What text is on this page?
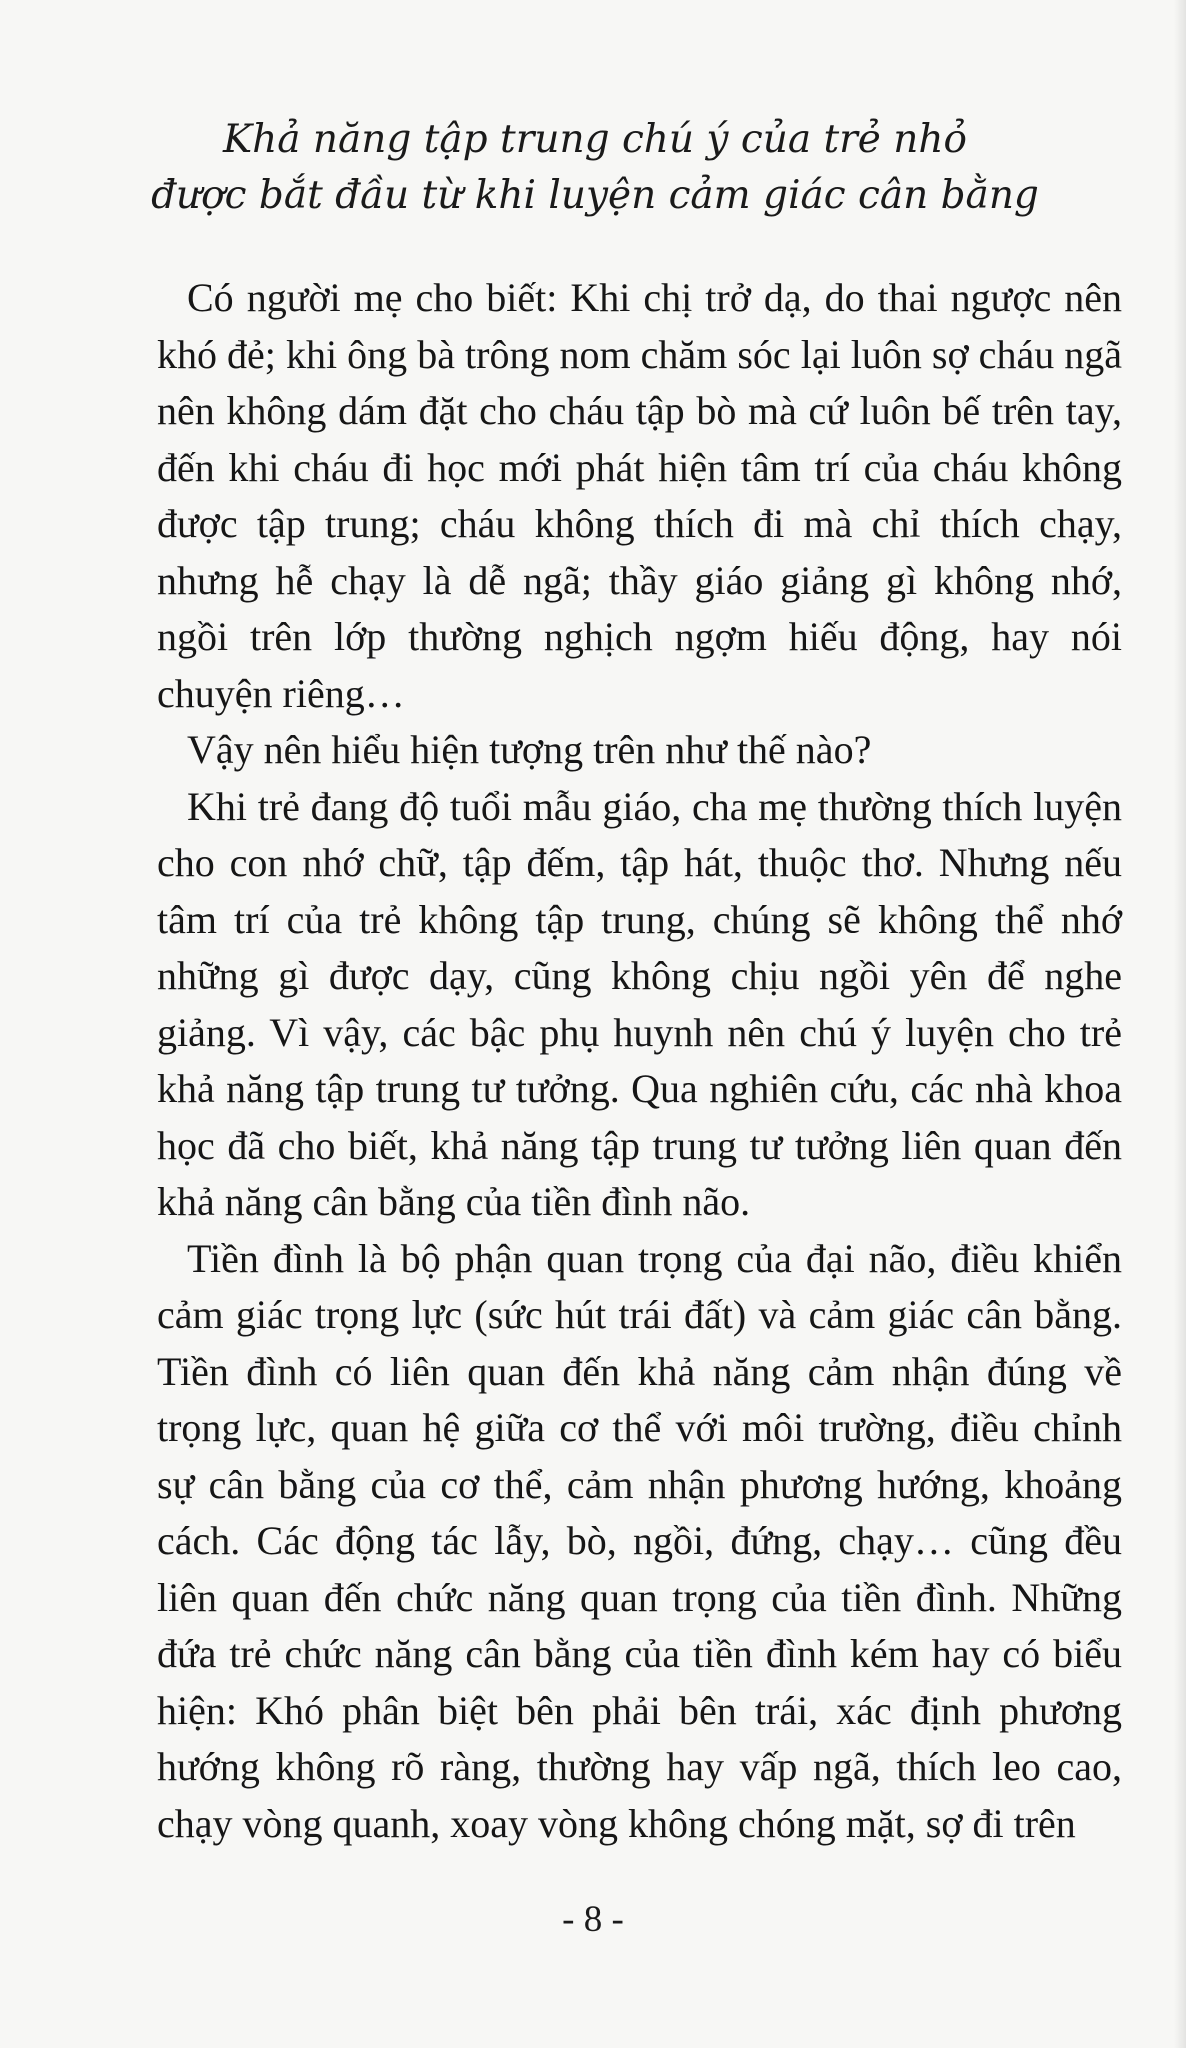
Khả năng tập trung chú ý của trẻ nhỏ
được bắt đầu từ khi luyện cảm giác cân bằng

Có người mẹ cho biết: Khi chị trở dạ, do thai ngược nên khó đẻ; khi ông bà trông nom chăm sóc lại luôn sợ cháu ngã nên không dám đặt cho cháu tập bò mà cứ luôn bế trên tay, đến khi cháu đi học mới phát hiện tâm trí của cháu không được tập trung; cháu không thích đi mà chỉ thích chạy, nhưng hễ chạy là dễ ngã; thầy giáo giảng gì không nhớ, ngồi trên lớp thường nghịch ngợm hiếu động, hay nói chuyện riêng…

Vậy nên hiểu hiện tượng trên như thế nào?

Khi trẻ đang độ tuổi mẫu giáo, cha mẹ thường thích luyện cho con nhớ chữ, tập đếm, tập hát, thuộc thơ. Nhưng nếu tâm trí của trẻ không tập trung, chúng sẽ không thể nhớ những gì được dạy, cũng không chịu ngồi yên để nghe giảng. Vì vậy, các bậc phụ huynh nên chú ý luyện cho trẻ khả năng tập trung tư tưởng. Qua nghiên cứu, các nhà khoa học đã cho biết, khả năng tập trung tư tưởng liên quan đến khả năng cân bằng của tiền đình não.

Tiền đình là bộ phận quan trọng của đại não, điều khiển cảm giác trọng lực (sức hút trái đất) và cảm giác cân bằng. Tiền đình có liên quan đến khả năng cảm nhận đúng về trọng lực, quan hệ giữa cơ thể với môi trường, điều chỉnh sự cân bằng của cơ thể, cảm nhận phương hướng, khoảng cách. Các động tác lẫy, bò, ngồi, đứng, chạy… cũng đều liên quan đến chức năng quan trọng của tiền đình. Những đứa trẻ chức năng cân bằng của tiền đình kém hay có biểu hiện: Khó phân biệt bên phải bên trái, xác định phương hướng không rõ ràng, thường hay vấp ngã, thích leo cao, chạy vòng quanh, xoay vòng không chóng mặt, sợ đi trên

- 8 -
